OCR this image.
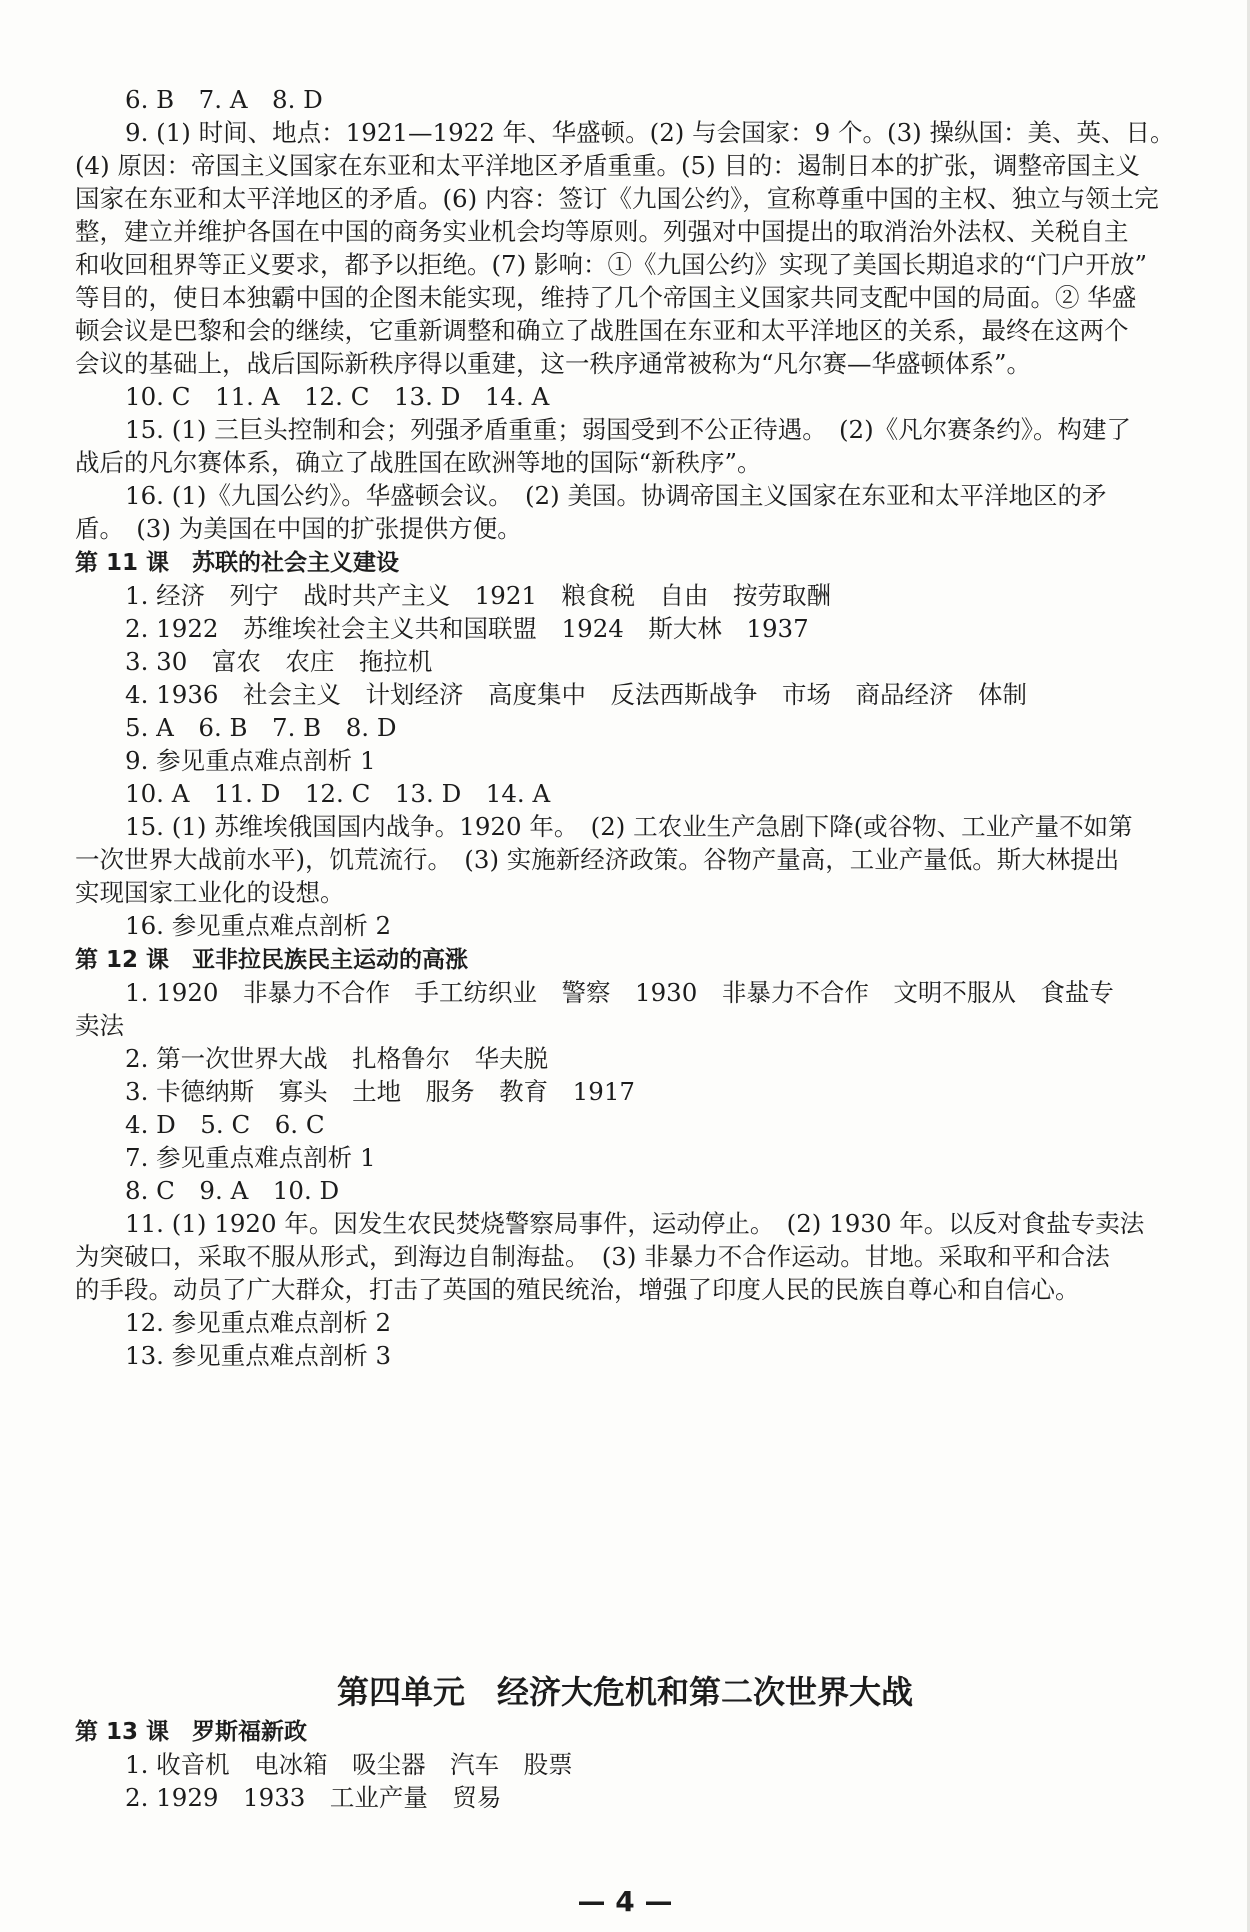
6. B　7. A　8. D
9. (1) 时间、地点：1921—1922 年、华盛顿。(2) 与会国家：9 个。(3) 操纵国：美、英、日。
(4) 原因：帝国主义国家在东亚和太平洋地区矛盾重重。(5) 目的：遏制日本的扩张，调整帝国主义
国家在东亚和太平洋地区的矛盾。(6) 内容：签订《九国公约》，宣称尊重中国的主权、独立与领土完
整，建立并维护各国在中国的商务实业机会均等原则。列强对中国提出的取消治外法权、关税自主
和收回租界等正义要求，都予以拒绝。(7) 影响：①《九国公约》实现了美国长期追求的“门户开放”
等目的，使日本独霸中国的企图未能实现，维持了几个帝国主义国家共同支配中国的局面。② 华盛
顿会议是巴黎和会的继续，它重新调整和确立了战胜国在东亚和太平洋地区的关系，最终在这两个
会议的基础上，战后国际新秩序得以重建，这一秩序通常被称为“凡尔赛—华盛顿体系”。
10. C　11. A　12. C　13. D　14. A
15. (1) 三巨头控制和会；列强矛盾重重；弱国受到不公正待遇。　(2)《凡尔赛条约》。构建了
战后的凡尔赛体系，确立了战胜国在欧洲等地的国际“新秩序”。
16. (1)《九国公约》。华盛顿会议。　(2) 美国。协调帝国主义国家在东亚和太平洋地区的矛
盾。　(3) 为美国在中国的扩张提供方便。
第 11 课　苏联的社会主义建设
1. 经济　列宁　战时共产主义　1921　粮食税　自由　按劳取酬
2. 1922　苏维埃社会主义共和国联盟　1924　斯大林　1937
3. 30　富农　农庄　拖拉机
4. 1936　社会主义　计划经济　高度集中　反法西斯战争　市场　商品经济　体制
5. A　6. B　7. B　8. D
9. 参见重点难点剖析 1
10. A　11. D　12. C　13. D　14. A
15. (1) 苏维埃俄国国内战争。1920 年。　(2) 工农业生产急剧下降(或谷物、工业产量不如第
一次世界大战前水平)，饥荒流行。　(3) 实施新经济政策。谷物产量高，工业产量低。斯大林提出
实现国家工业化的设想。
16. 参见重点难点剖析 2
第 12 课　亚非拉民族民主运动的高涨
1. 1920　非暴力不合作　手工纺织业　警察　1930　非暴力不合作　文明不服从　食盐专
卖法
2. 第一次世界大战　扎格鲁尔　华夫脱
3. 卡德纳斯　寡头　土地　服务　教育　1917
4. D　5. C　6. C
7. 参见重点难点剖析 1
8. C　9. A　10. D
11. (1) 1920 年。因发生农民焚烧警察局事件，运动停止。　(2) 1930 年。以反对食盐专卖法
为突破口，采取不服从形式，到海边自制海盐。　(3) 非暴力不合作运动。甘地。采取和平和合法
的手段。动员了广大群众，打击了英国的殖民统治，增强了印度人民的民族自尊心和自信心。
12. 参见重点难点剖析 2
13. 参见重点难点剖析 3
第四单元　经济大危机和第二次世界大战
第 13 课　罗斯福新政
1. 收音机　电冰箱　吸尘器　汽车　股票
2. 1929　1933　工业产量　贸易
— 4 —
